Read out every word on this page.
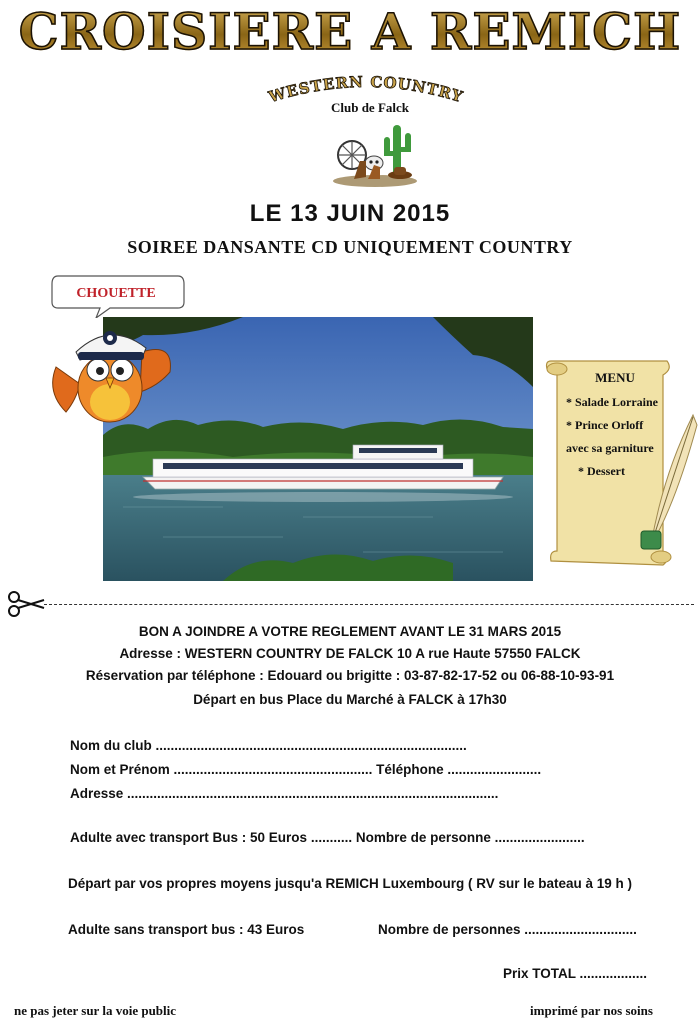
CROISIERE A REMICH
WESTERN COUNTRY
Club de Falck
LE 13 JUIN 2015
SOIREE DANSANTE CD UNIQUEMENT COUNTRY
CHOUETTE
MENU
* Salade Lorraine
* Prince Orloff
avec sa garniture
* Dessert
BON A JOINDRE A VOTRE REGLEMENT AVANT LE 31 MARS 2015
Adresse : WESTERN COUNTRY DE FALCK 10 A rue Haute 57550 FALCK
Réservation par téléphone : Edouard ou brigitte : 03-87-82-17-52 ou 06-88-10-93-91
Départ en bus Place du Marché à FALCK à 17h30
Nom du club ...................................................................................
Nom et Prénom ..................................................... Téléphone .........................
Adresse ...................................................................................................
Adulte avec transport Bus : 50 Euros ........... Nombre de personne ........................
Départ par vos propres moyens jusqu'a REMICH Luxembourg ( RV sur le bateau à 19 h )
Adulte sans transport bus : 43 Euros	Nombre de personnes ..............................
Prix TOTAL ..................
ne pas jeter sur la voie public	imprimé par nos soins
